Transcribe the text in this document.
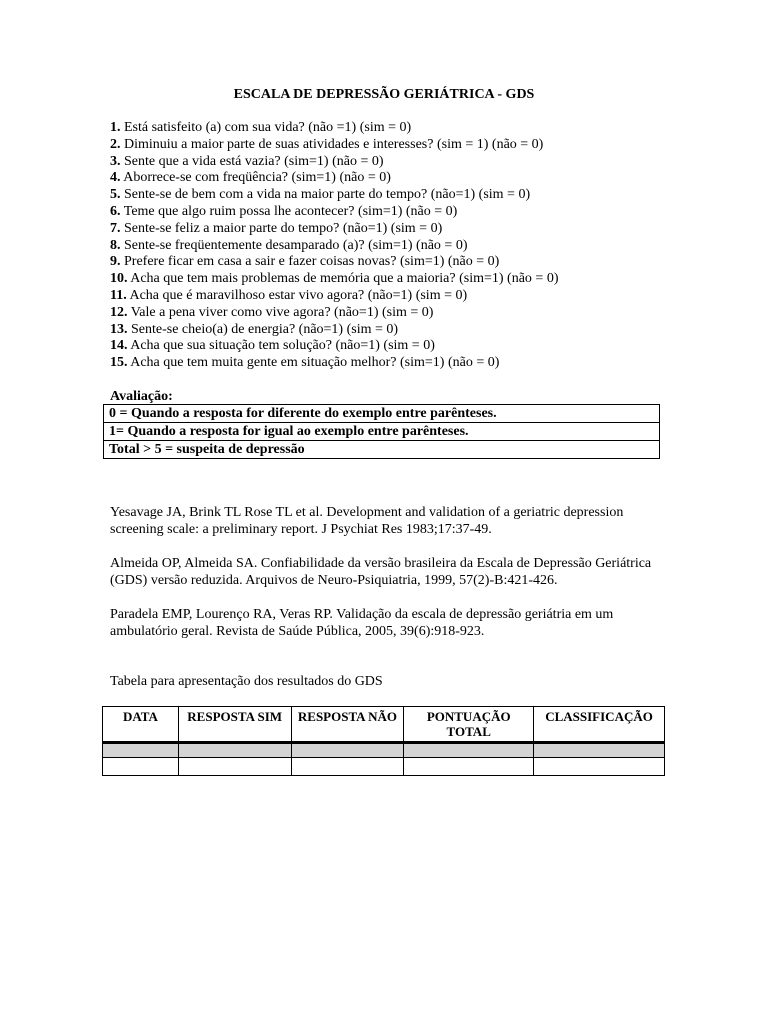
ESCALA DE DEPRESSÃO GERIÁTRICA - GDS
1. Está satisfeito (a) com sua vida? (não =1) (sim = 0)
2. Diminuiu a maior parte de suas atividades e interesses? (sim = 1) (não = 0)
3. Sente que a vida está vazia? (sim=1) (não = 0)
4. Aborrece-se com freqüência? (sim=1) (não = 0)
5. Sente-se de bem com a vida na maior parte do tempo? (não=1) (sim = 0)
6. Teme que algo ruim possa lhe acontecer? (sim=1) (não = 0)
7. Sente-se feliz a maior parte do tempo? (não=1) (sim = 0)
8. Sente-se freqüentemente desamparado (a)? (sim=1) (não = 0)
9. Prefere ficar em casa a sair e fazer coisas novas? (sim=1) (não = 0)
10. Acha que tem mais problemas de memória que a maioria? (sim=1) (não = 0)
11. Acha que é maravilhoso estar vivo agora? (não=1) (sim = 0)
12. Vale a pena viver como vive agora? (não=1) (sim = 0)
13. Sente-se cheio(a) de energia? (não=1) (sim = 0)
14. Acha que sua situação tem solução? (não=1) (sim = 0)
15. Acha que tem muita gente em situação melhor? (sim=1) (não = 0)
Avaliação:
0 = Quando a resposta for diferente do exemplo entre parênteses.
1= Quando a resposta for igual ao exemplo entre parênteses.
Total > 5 = suspeita de depressão

Yesavage JA, Brink TL Rose TL et al. Development and validation of a geriatric depression screening scale: a preliminary report. J Psychiat Res 1983;17:37-49.

Almeida OP, Almeida SA. Confiabilidade da versão brasileira da Escala de Depressão Geriátrica (GDS) versão reduzida. Arquivos de Neuro-Psiquiatria, 1999, 57(2)-B:421-426.

Paradela EMP, Lourenço RA, Veras RP. Validação da escala de depressão geriátria em um ambulatório geral. Revista de Saúde Pública, 2005, 39(6):918-923.

Tabela para apresentação dos resultados do GDS
DATA	RESPOSTA SIM	RESPOSTA NÃO	PONTUAÇÃO TOTAL	CLASSIFICAÇÃO
